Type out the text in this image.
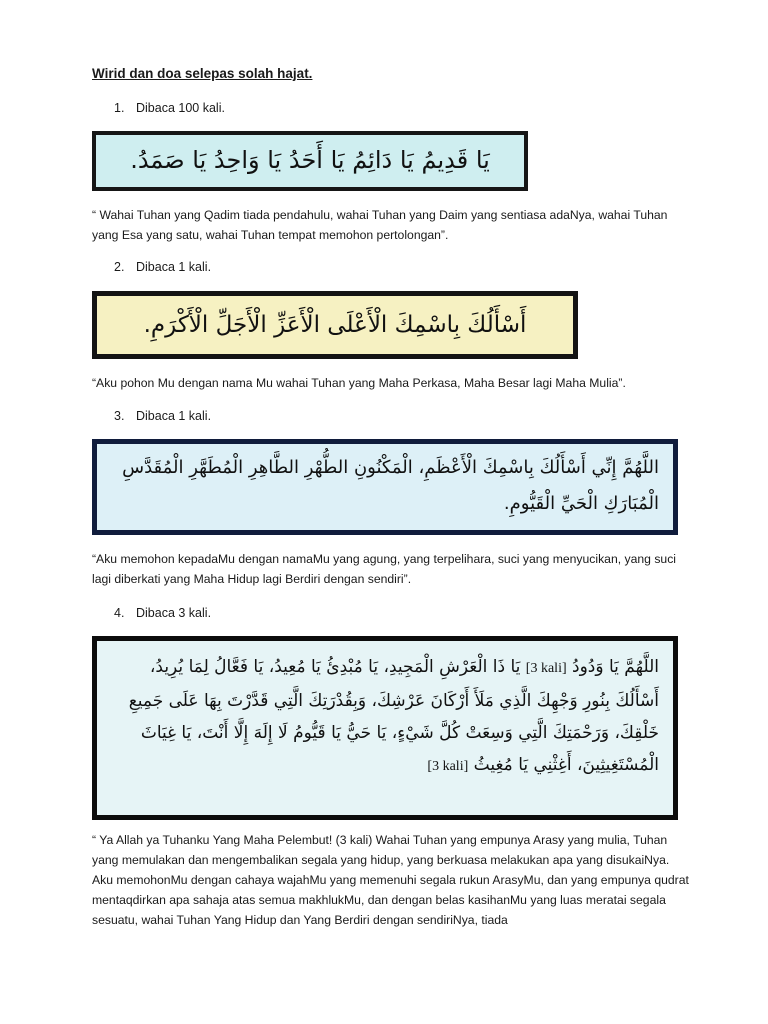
Wirid dan doa selepas solah hajat.
1. Dibaca 100 kali.
يَا قَدِيمُ يَا دَائِمُ يَا أَحَدُ يَا وَاحِدُ يَا صَمَدُ.
“ Wahai Tuhan yang Qadim tiada pendahulu, wahai Tuhan yang Daim yang sentiasa adaNya, wahai Tuhan yang Esa yang satu, wahai Tuhan tempat memohon pertolongan”.
2. Dibaca 1 kali.
أَسْأَلُكَ بِاسْمِكَ الْأَعْلَى الْأَعَزِّ الْأَجَلِّ الْأَكْرَمِ.
“Aku pohon Mu dengan nama Mu wahai Tuhan yang Maha Perkasa, Maha Besar lagi Maha Mulia”.
3. Dibaca 1 kali.
اللَّهُمَّ إِنِّي أَسْأَلُكَ بِاسْمِكَ الْأَعْظَمِ، الْمَكْنُونِ الطُّهْرِ الطَّاهِرِ الْمُطَهَّرِ الْمُقَدَّسِ الْمُبَارَكِ الْحَيِّ الْقَيُّومِ.
“Aku memohon kepadaMu dengan namaMu yang agung, yang terpelihara, suci yang menyucikan, yang suci lagi diberkati yang Maha Hidup lagi Berdiri dengan sendiri”.
4. Dibaca 3 kali.
اللَّهُمَّ يَا وَدُودُ [3 kali] يَا ذَا الْعَرْشِ الْمَجِيدِ، يَا مُبْدِئُ يَا مُعِيدُ، يَا فَعَّالُ لِمَا يُرِيدُ، أَسْأَلُكَ بِنُورِ وَجْهِكَ الَّذِي مَلَأَ أَرْكَانَ عَرْشِكَ، وَبِقُدْرَتِكَ الَّتِي قَدَّرْتَ بِهَا عَلَى جَمِيعِ خَلْقِكَ، وَرَحْمَتِكَ الَّتِي وَسِعَتْ كُلَّ شَيْءٍ، يَا حَيُّ يَا قَيُّومُ لَا إِلَهَ إِلَّا أَنْتَ، يَا غِيَاثَ الْمُسْتَغِيثِينَ، أَغِثْنِي يَا مُغِيثُ [3 kali]
“ Ya Allah ya Tuhanku Yang Maha Pelembut! (3 kali) Wahai Tuhan yang empunya Arasy yang mulia, Tuhan yang memulakan dan mengembalikan segala yang hidup, yang berkuasa melakukan apa yang disukaiNya. Aku memohonMu dengan cahaya wajahMu yang memenuhi segala rukun ArasyMu, dan yang empunya qudrat mentaqdirkan apa sahaja atas semua makhlukMu, dan dengan belas kasihanMu yang luas meratai segala sesuatu, wahai Tuhan Yang Hidup dan Yang Berdiri dengan sendiriNya, tiada
